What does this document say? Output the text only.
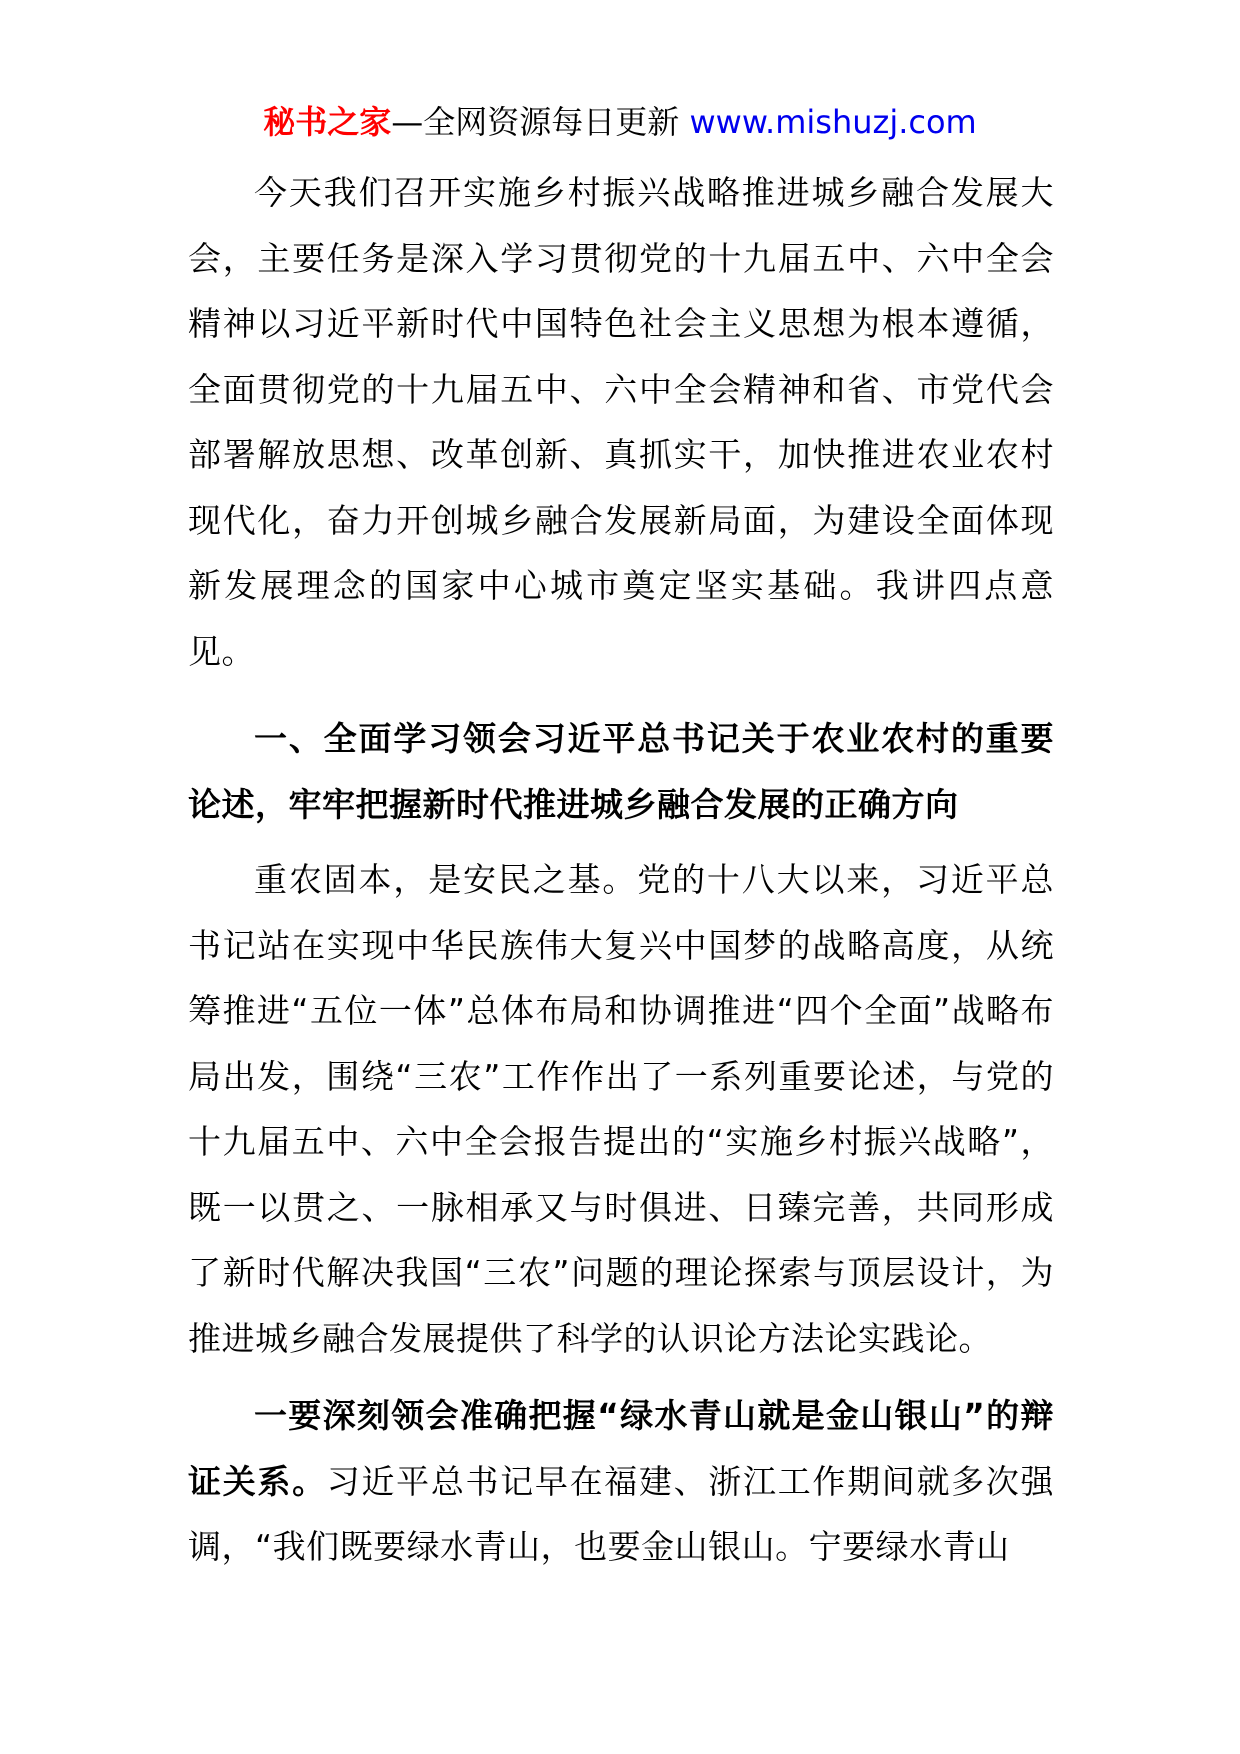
秘书之家—全网资源每日更新 www.mishuzj.com

今天我们召开实施乡村振兴战略推进城乡融合发展大会，主要任务是深入学习贯彻党的十九届五中、六中全会精神以习近平新时代中国特色社会主义思想为根本遵循，全面贯彻党的十九届五中、六中全会精神和省、市党代会部署解放思想、改革创新、真抓实干，加快推进农业农村现代化，奋力开创城乡融合发展新局面，为建设全面体现新发展理念的国家中心城市奠定坚实基础。我讲四点意见。

一、全面学习领会习近平总书记关于农业农村的重要论述，牢牢把握新时代推进城乡融合发展的正确方向

重农固本，是安民之基。党的十八大以来，习近平总书记站在实现中华民族伟大复兴中国梦的战略高度，从统筹推进“五位一体”总体布局和协调推进“四个全面”战略布局出发，围绕“三农”工作作出了一系列重要论述，与党的十九届五中、六中全会报告提出的“实施乡村振兴战略”，既一以贯之、一脉相承又与时俱进、日臻完善，共同形成了新时代解决我国“三农”问题的理论探索与顶层设计，为推进城乡融合发展提供了科学的认识论方法论实践论。

一要深刻领会准确把握“绿水青山就是金山银山”的辩证关系。习近平总书记早在福建、浙江工作期间就多次强调，“我们既要绿水青山，也要金山银山。宁要绿水青山
